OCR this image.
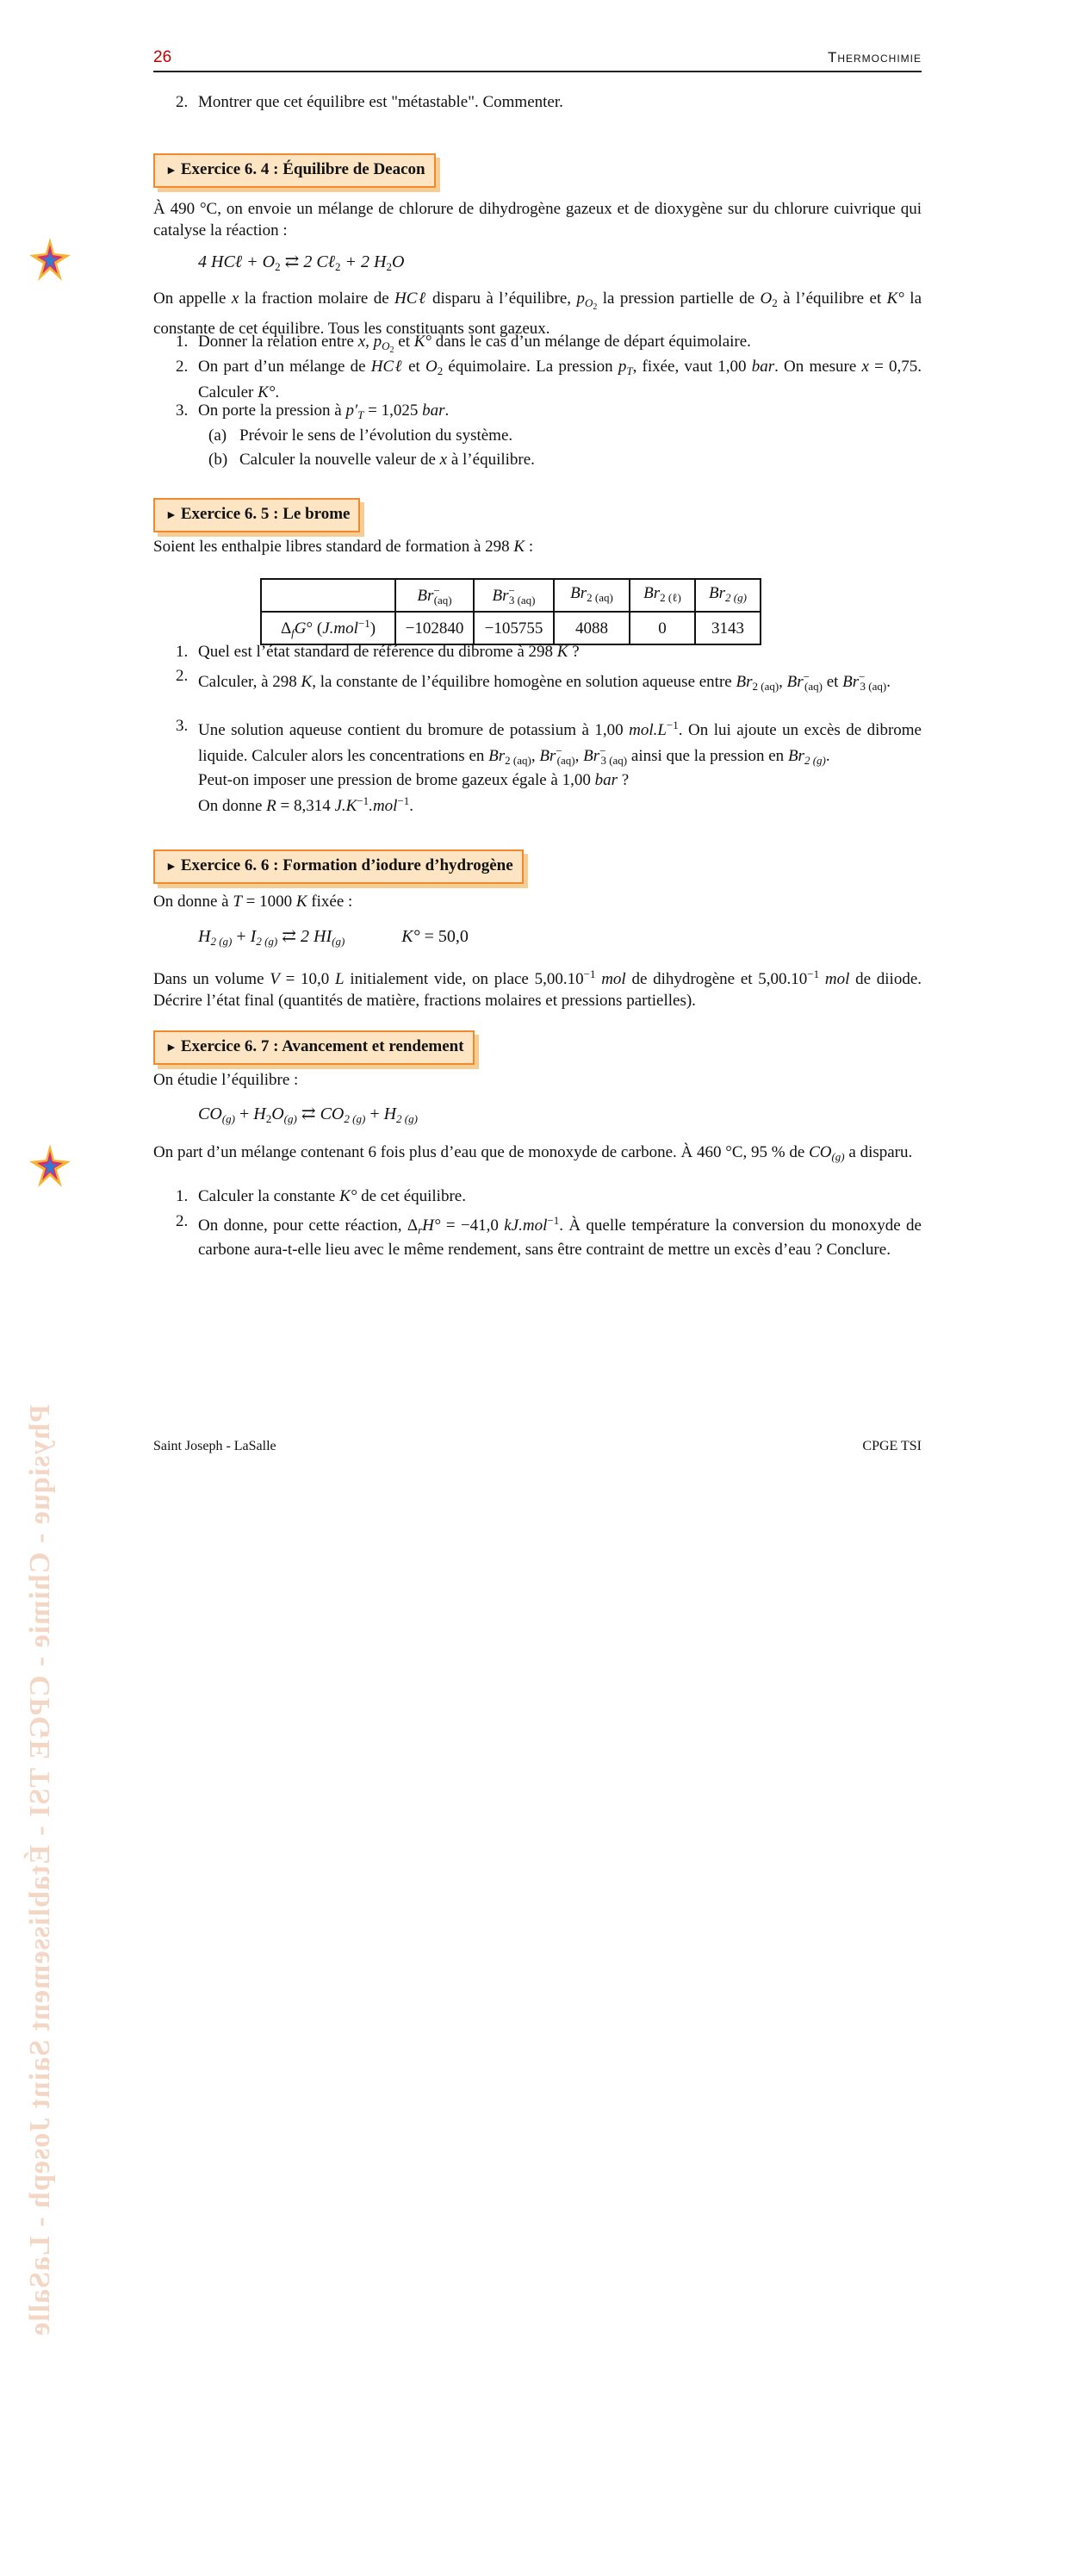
Physique - Chimie - CPGE TSI - Établissement Saint Joseph - LaSalle
26	Thermochimie
2. Montrer que cet équilibre est "métastable". Commenter.
► Exercice 6. 4 : Équilibre de Deacon

À 490 °C, on envoie un mélange de chlorure de dihydrogène gazeux et de dioxygène sur du chlorure cuivrique qui catalyse la réaction :

4 HCℓ + $O_2$ ⇄ 2 Cℓ$_2$ + 2 $H_2O$

On appelle x la fraction molaire de HCℓ disparu à l’équilibre, $p_{O2}$ la pression partielle de $O_2$ à l’équilibre et K° la constante de cet équilibre. Tous les constituants sont gazeux.

1. Donner la relation entre x, $p_{O2}$ et K° dans le cas d’un mélange de départ équimolaire.
2. On part d’un mélange de HCℓ et $O_2$ équimolaire. La pression $p_T$, fixée, vaut 1,00 bar. On mesure x = 0,75. Calculer K°.
3. On porte la pression à $p'_T = 1,025$ bar.
(a) Prévoir le sens de l’évolution du système.
(b) Calculer la nouvelle valeur de x à l’équilibre.
► Exercice 6. 5 : Le brome
Soient les enthalpie libres standard de formation à 298 K :
	$Br^-_{(aq)}$	$Br^-_{3 (aq)}$	$Br_{2 (aq)}$	$Br_{2 (\ell)}$	$Br_{2 (g)}$
$\Delta_fG^\circ$ (J.mol$^{-1}$)	−102840	−105755	4088	0	3143
1. Quel est l’état standard de référence du dibrome à 298 K ?
2. Calculer, à 298 K, la constante de l’équilibre homogène en solution aqueuse entre $Br_{2 (aq)}$, $Br^-_{(aq)}$ et $Br^-_{3 (aq)}$.
3. Une solution aqueuse contient du bromure de potassium à 1,00 $mol.L^{-1}$. On lui ajoute un excès de dibrome liquide. Calculer alors les concentrations en $Br_{2 (aq)}$, $Br^-_{(aq)}$, $Br^-_{3 (aq)}$ ainsi que la pression en $Br_{2 (g)}$.
Peut-on imposer une pression de brome gazeux égale à 1,00 bar ?
On donne R = 8,314 $J.K^{-1}.mol^{-1}$.
► Exercice 6. 6 : Formation d’iodure d’hydrogène
On donne à T = 1000 K fixée :
$H_{2 (g)} + I_{2 (g)}$ ⇄ 2 $HI_{(g)}$	K° = 50,0

Dans un volume V = 10,0 L initialement vide, on place $5,00.10^{-1}$ mol de dihydrogène et $5,00.10^{-1}$ mol de diiode. Décrire l’état final (quantités de matière, fractions molaires et pressions partielles).

► Exercice 6. 7 : Avancement et rendement
On étudie l’équilibre :
$CO_{(g)} + H_2O_{(g)}$ ⇄ $CO_{2 (g)} + H_{2 (g)}$

On part d’un mélange contenant 6 fois plus d’eau que de monoxyde de carbone. À 460 °C, 95 % de $CO_{(g)}$ a disparu.

1. Calculer la constante K° de cet équilibre.
2. On donne, pour cette réaction, $\Delta_rH^\circ = -41,0$ kJ.mol$^{-1}$. À quelle température la conversion du monoxyde de carbone aura-t-elle lieu avec le même rendement, sans être contraint de mettre un excès d’eau ? Conclure.
Saint Joseph - LaSalle	CPGE TSI
